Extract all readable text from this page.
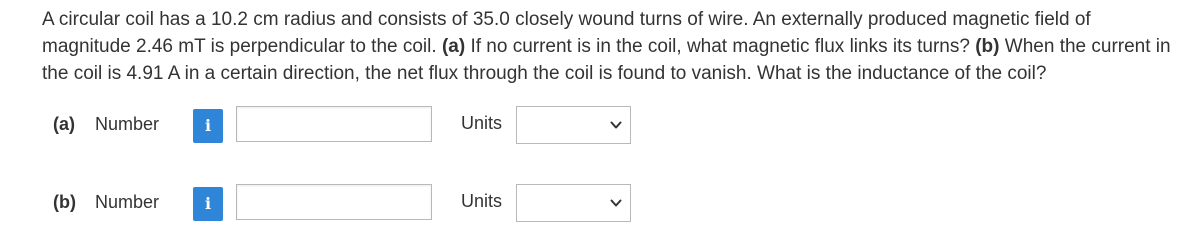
A circular coil has a 10.2 cm radius and consists of 35.0 closely wound turns of wire. An externally produced magnetic field of magnitude 2.46 mT is perpendicular to the coil. (a) If no current is in the coil, what magnetic flux links its turns? (b) When the current in the coil is 4.91 A in a certain direction, the net flux through the coil is found to vanish. What is the inductance of the coil?
(a) Number	i	Units
(b) Number	i	Units
